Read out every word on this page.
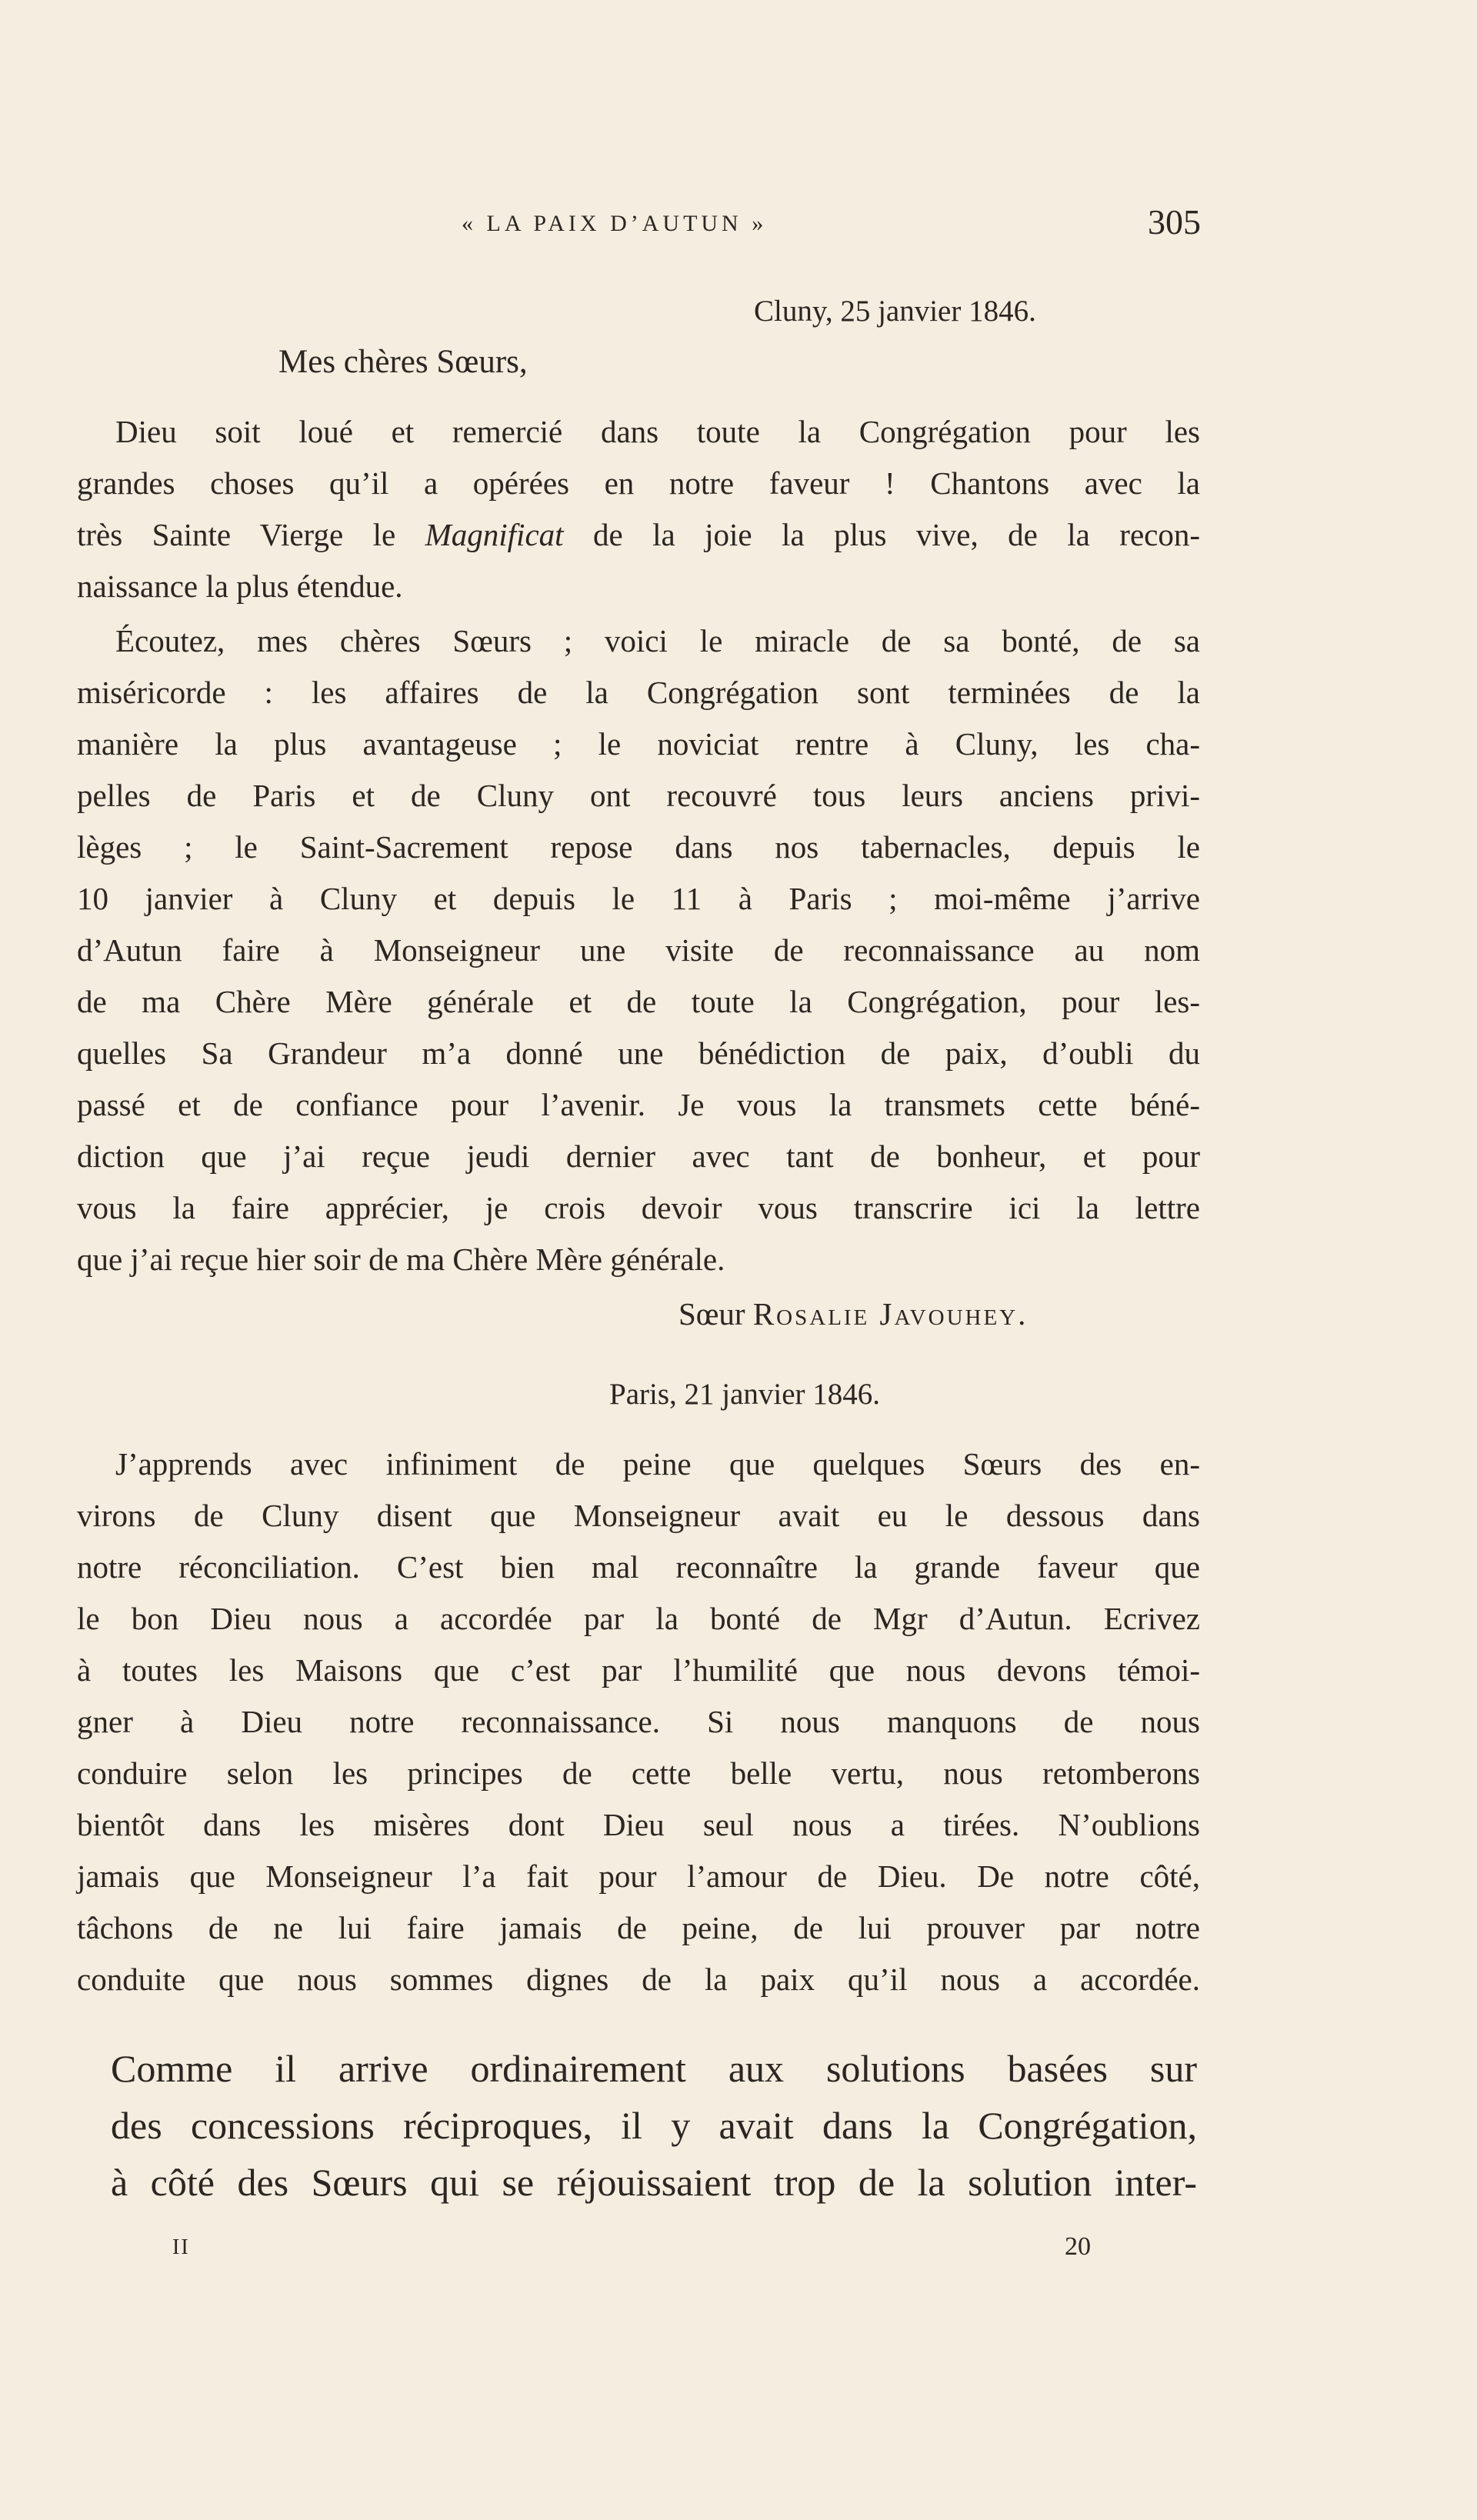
« LA PAIX D’AUTUN »	305
Cluny, 25 janvier 1846.
Mes chères Sœurs,
Dieu soit loué et remercié dans toute la Congrégation pour les
grandes choses qu’il a opérées en notre faveur ! Chantons avec la
très Sainte Vierge le Magnificat de la joie la plus vive, de la recon-
naissance la plus étendue.
Écoutez, mes chères Sœurs ; voici le miracle de sa bonté, de sa
miséricorde : les affaires de la Congrégation sont terminées de la
manière la plus avantageuse ; le noviciat rentre à Cluny, les cha-
pelles de Paris et de Cluny ont recouvré tous leurs anciens privi-
lèges ; le Saint-Sacrement repose dans nos tabernacles, depuis le
10 janvier à Cluny et depuis le 11 à Paris ; moi-même j’arrive
d’Autun faire à Monseigneur une visite de reconnaissance au nom
de ma Chère Mère générale et de toute la Congrégation, pour les-
quelles Sa Grandeur m’a donné une bénédiction de paix, d’oubli du
passé et de confiance pour l’avenir. Je vous la transmets cette béné-
diction que j’ai reçue jeudi dernier avec tant de bonheur, et pour
vous la faire apprécier, je crois devoir vous transcrire ici la lettre
que j’ai reçue hier soir de ma Chère Mère générale.
Sœur Rosalie Javouhey.
Paris, 21 janvier 1846.
J’apprends avec infiniment de peine que quelques Sœurs des en-
virons de Cluny disent que Monseigneur avait eu le dessous dans
notre réconciliation. C’est bien mal reconnaître la grande faveur que
le bon Dieu nous a accordée par la bonté de Mgr d’Autun. Ecrivez
à toutes les Maisons que c’est par l’humilité que nous devons témoi-
gner à Dieu notre reconnaissance. Si nous manquons de nous
conduire selon les principes de cette belle vertu, nous retomberons
bientôt dans les misères dont Dieu seul nous a tirées. N’oublions
jamais que Monseigneur l’a fait pour l’amour de Dieu. De notre côté,
tâchons de ne lui faire jamais de peine, de lui prouver par notre
conduite que nous sommes dignes de la paix qu’il nous a accordée.
Comme il arrive ordinairement aux solutions basées sur
des concessions réciproques, il y avait dans la Congrégation,
à côté des Sœurs qui se réjouissaient trop de la solution inter-
II	20
